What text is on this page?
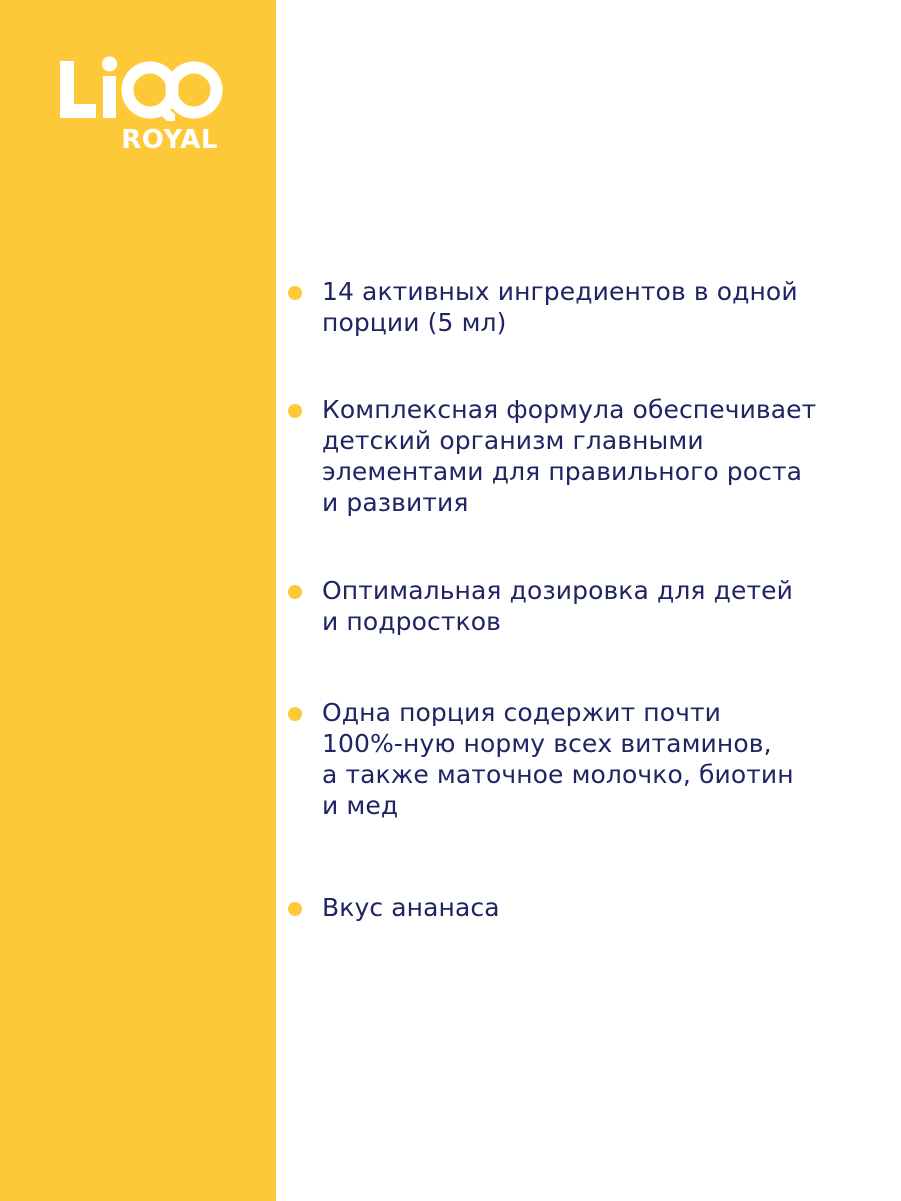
ROYAL
14 активных ингредиентов в одной
порции (5 мл)
Комплексная формула обеспечивает
детский организм главными
элементами для правильного роста
и развития
Оптимальная дозировка для детей
и подростков
Одна порция содержит почти
100%-ную норму всех витаминов,
а также маточное молочко, биотин
и мед
Вкус ананаса
